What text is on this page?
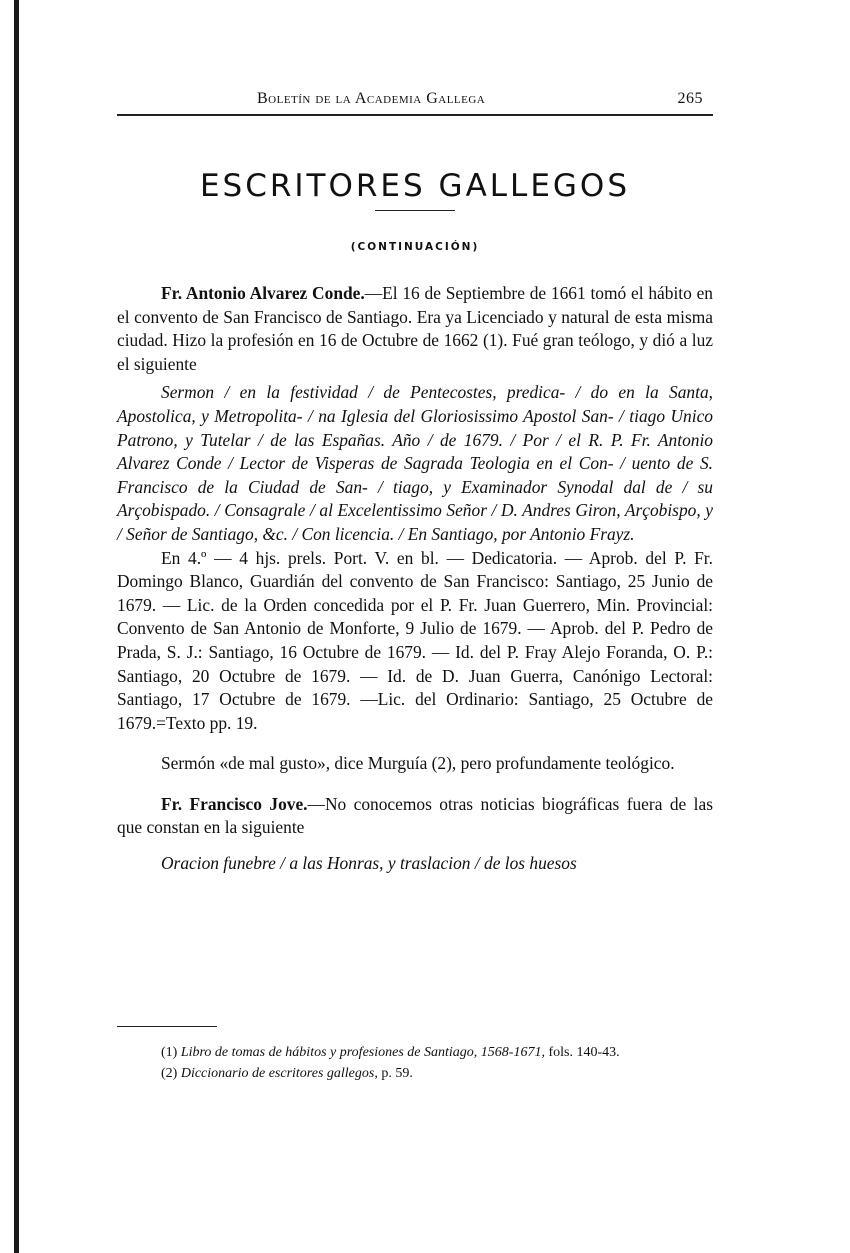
Boletín de la Academia Gallega	265
ESCRITORES GALLEGOS
(CONTINUACIÓN)

Fr. Antonio Alvarez Conde.—El 16 de Septiembre de 1661 tomó el hábito en el convento de San Francisco de Santiago. Era ya Licenciado y natural de esta misma ciudad. Hizo la profesión en 16 de Octubre de 1662 (1). Fué gran teólogo, y dió a luz el siguiente

Sermon / en la festividad / de Pentecostes, predica- / do en la Santa, Apostolica, y Metropolita- / na Iglesia del Gloriosissimo Apostol San- / tiago Unico Patrono, y Tutelar / de las Españas. Año / de 1679. / Por / el R. P. Fr. Antonio Alvarez Conde / Lector de Visperas de Sagrada Teologia en el Con- / uento de S. Francisco de la Ciudad de San- / tiago, y Examinador Synodal dal de / su Arçobispado. / Consagrale / al Excelentissimo Señor / D. Andres Giron, Arçobispo, y / Señor de Santiago, &c. / Con licencia. / En Santiago, por Antonio Frayz.

En 4.º — 4 hjs. prels. Port. V. en bl. — Dedicatoria. — Aprob. del P. Fr. Domingo Blanco, Guardián del convento de San Francisco: Santiago, 25 Junio de 1679. — Lic. de la Orden concedida por el P. Fr. Juan Guerrero, Min. Provincial: Convento de San Antonio de Monforte, 9 Julio de 1679. — Aprob. del P. Pedro de Prada, S. J.: Santiago, 16 Octubre de 1679. — Id. del P. Fray Alejo Foranda, O. P.: Santiago, 20 Octubre de 1679. — Id. de D. Juan Guerra, Canónigo Lectoral: Santiago, 17 Octubre de 1679. —Lic. del Ordinario: Santiago, 25 Octubre de 1679.=Texto pp. 19.

Sermón «de mal gusto», dice Murguía (2), pero profundamente teológico.

Fr. Francisco Jove.—No conocemos otras noticias biográficas fuera de las que constan en la siguiente

Oracion funebre / a las Honras, y traslacion / de los huesos

(1) Libro de tomas de hábitos y profesiones de Santiago, 1568-1671, fols. 140-43.

(2) Diccionario de escritores gallegos, p. 59.
